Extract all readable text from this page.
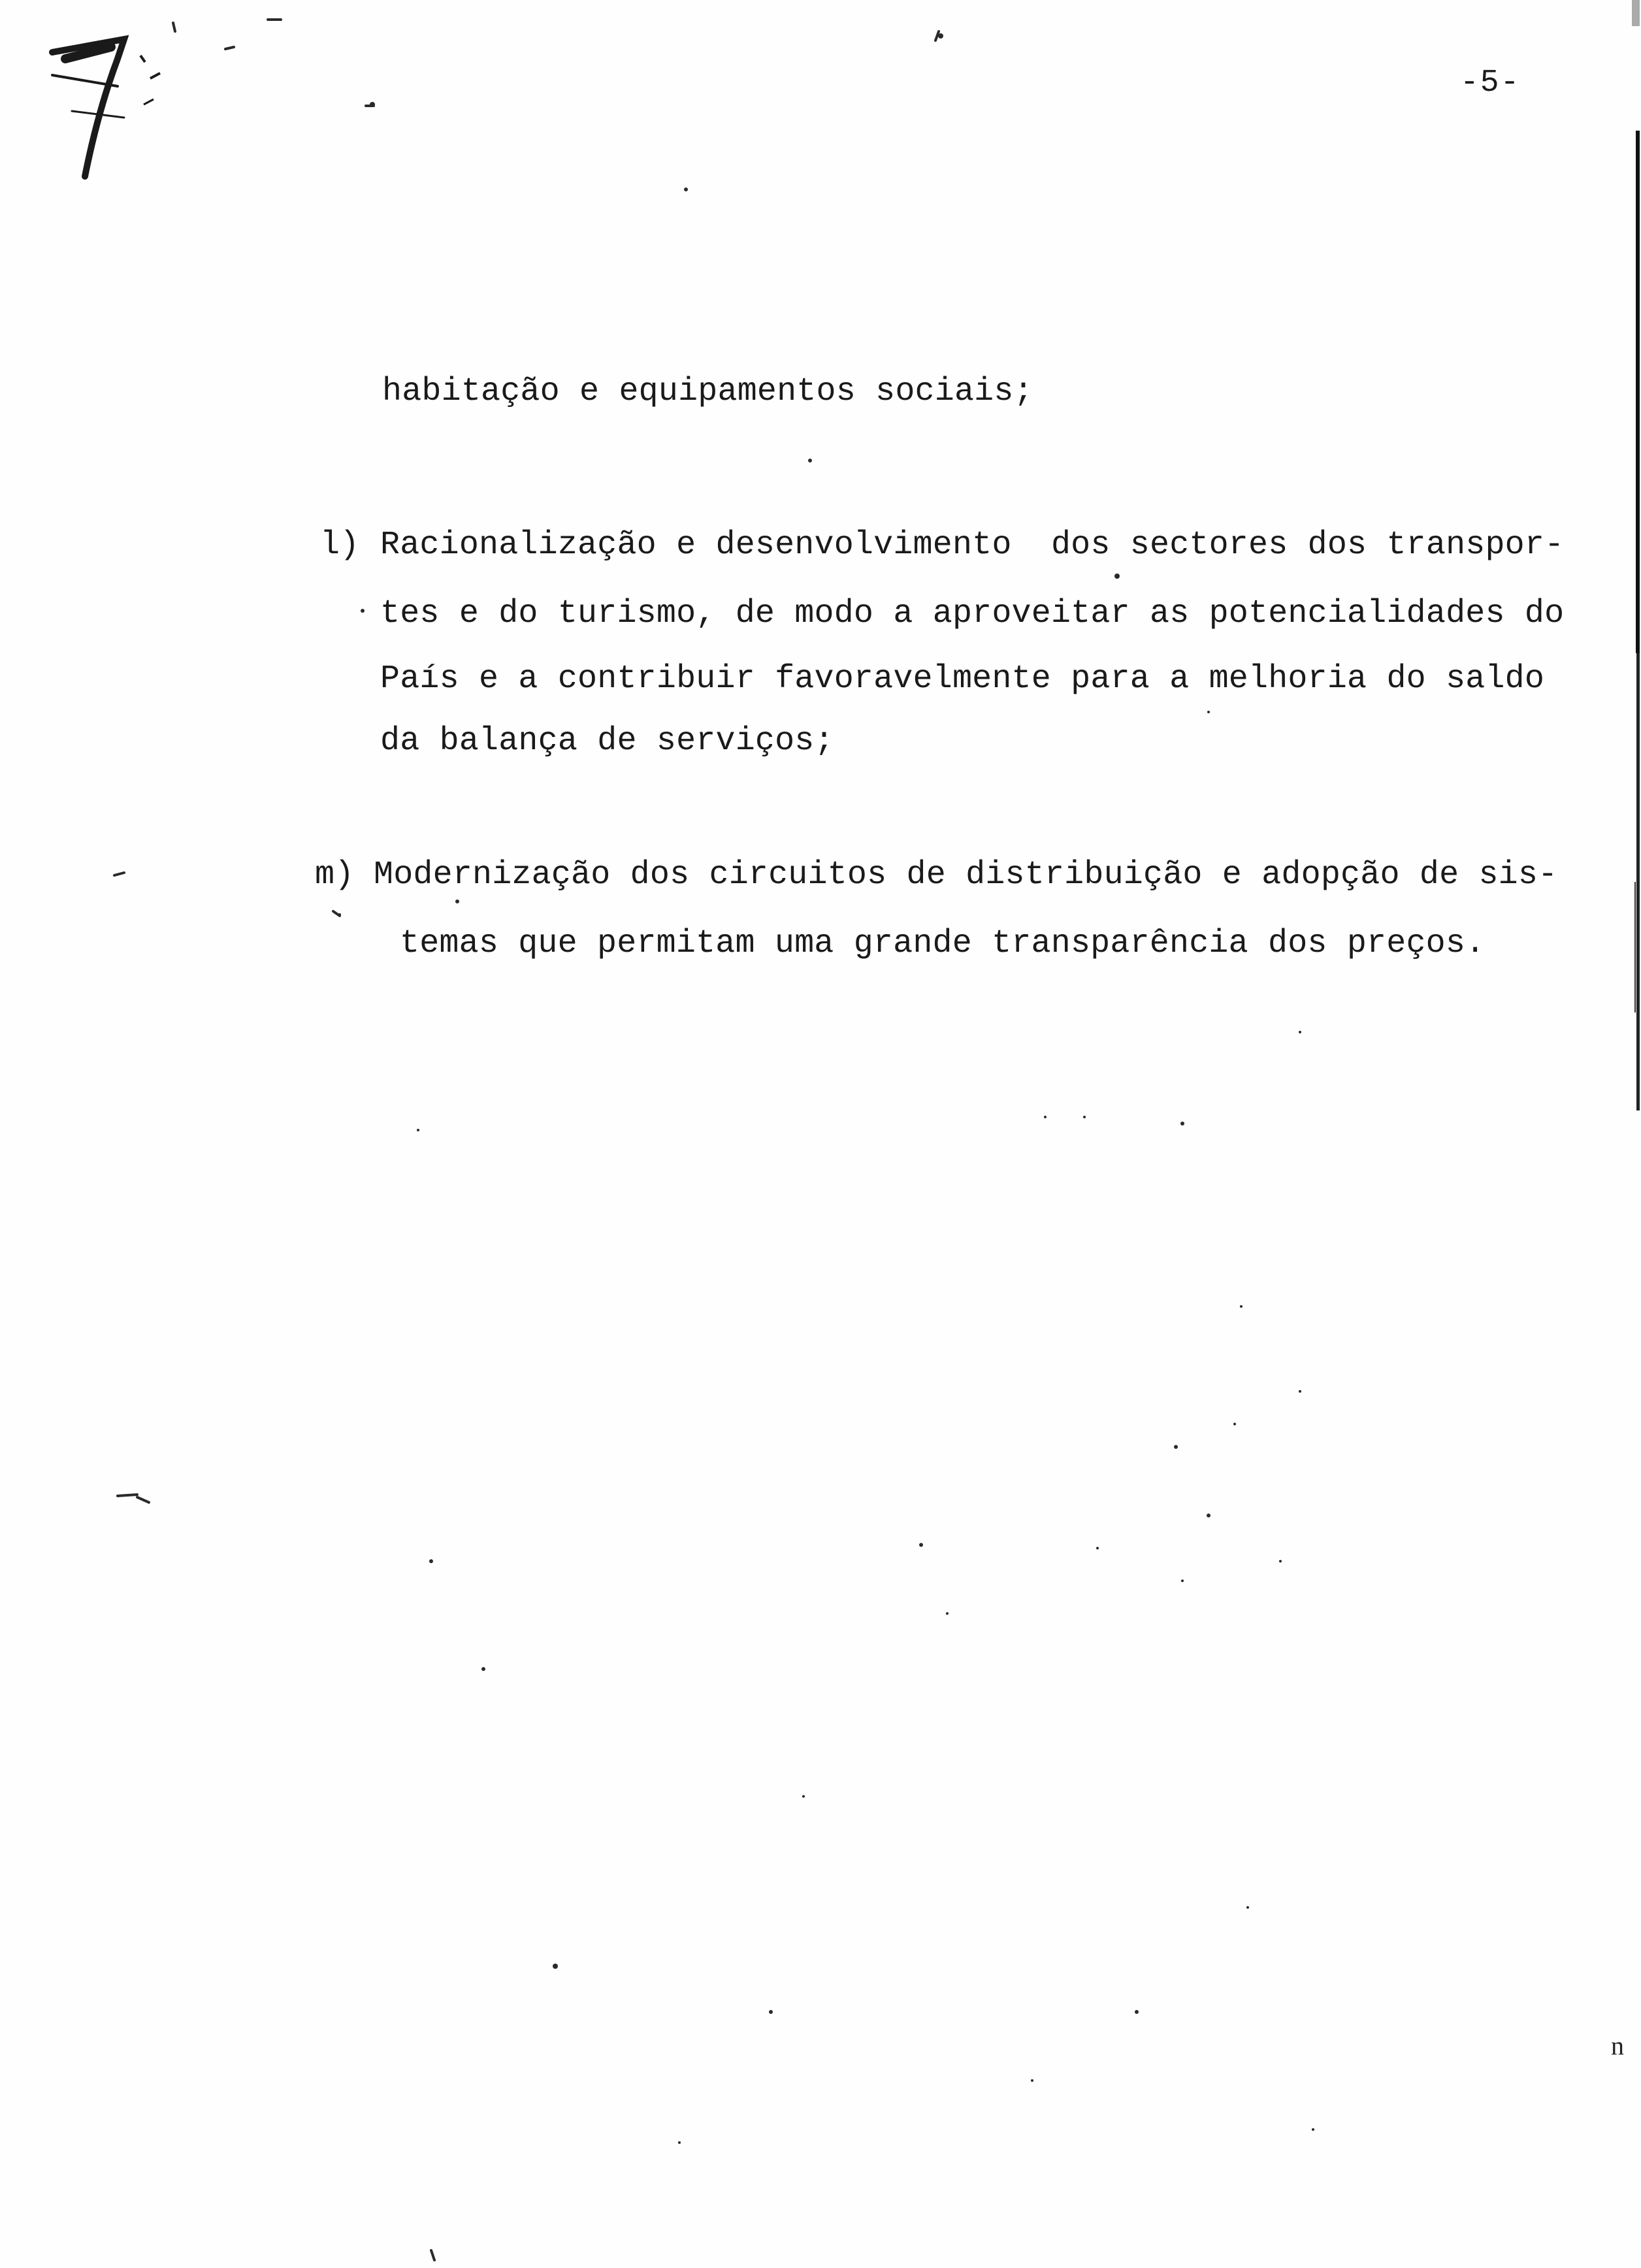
-5-
habitação e equipamentos sociais;
l) Racionalização e desenvolvimento  dos sectores dos transpor-
tes e do turismo, de modo a aproveitar as potencialidades do
País e a contribuir favoravelmente para a melhoria do saldo
da balança de serviços;
m) Modernização dos circuitos de distribuição e adopção de sis-
temas que permitam uma grande transparência dos preços.
n
